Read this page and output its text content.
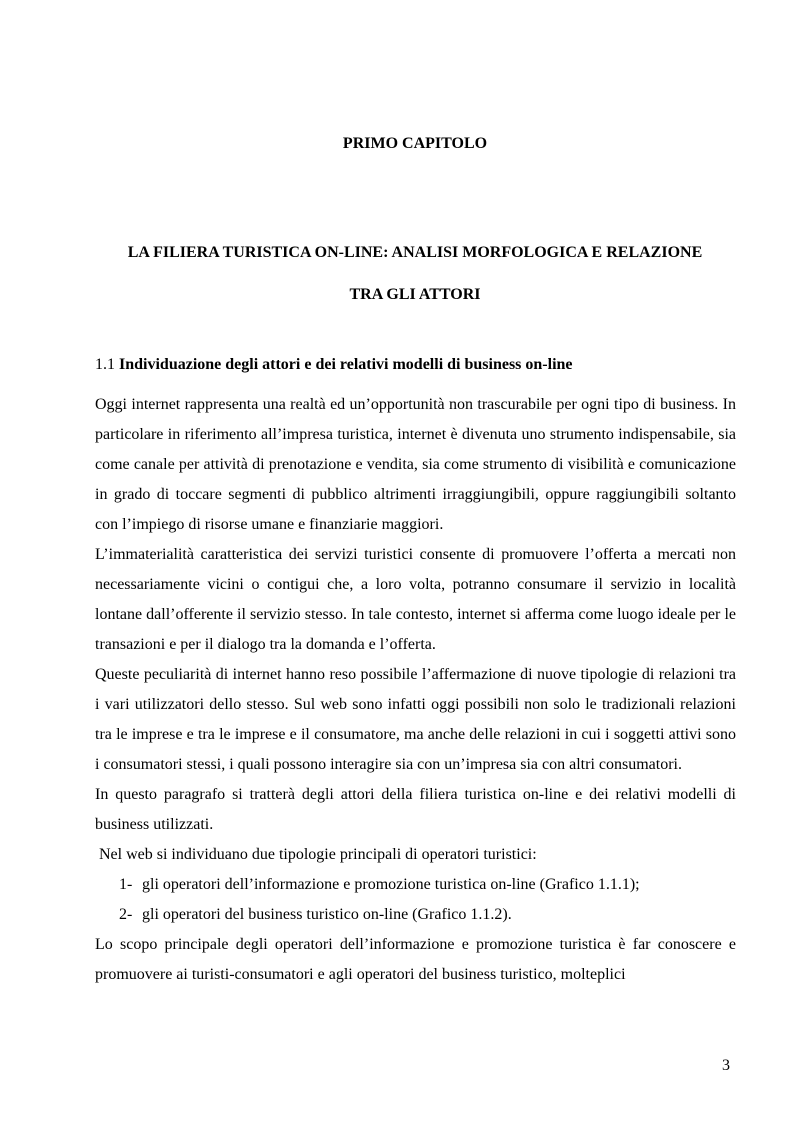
PRIMO CAPITOLO
LA FILIERA TURISTICA ON-LINE: ANALISI MORFOLOGICA E RELAZIONE
TRA GLI ATTORI
1.1 Individuazione degli attori e dei relativi modelli di business on-line

Oggi internet rappresenta una realtà ed un’opportunità non trascurabile per ogni tipo di business. In particolare in riferimento all’impresa turistica, internet è divenuta uno strumento indispensabile, sia come canale per attività di prenotazione e vendita, sia come strumento di visibilità e comunicazione in grado di toccare segmenti di pubblico altrimenti irraggiungibili, oppure raggiungibili soltanto con l’impiego di risorse umane e finanziarie maggiori.

L’immaterialità caratteristica dei servizi turistici consente di promuovere l’offerta a mercati non necessariamente vicini o contigui che, a loro volta, potranno consumare il servizio in località lontane dall’offerente il servizio stesso. In tale contesto, internet si afferma come luogo ideale per le transazioni e per il dialogo tra la domanda e l’offerta.

Queste peculiarità di internet hanno reso possibile l’affermazione di nuove tipologie di relazioni tra i vari utilizzatori dello stesso. Sul web sono infatti oggi possibili non solo le tradizionali relazioni tra le imprese e tra le imprese e il consumatore, ma anche delle relazioni in cui i soggetti attivi sono i consumatori stessi, i quali possono interagire sia con un’impresa sia con altri consumatori.

In questo paragrafo si tratterà degli attori della filiera turistica on-line e dei relativi modelli di business utilizzati.

Nel web si individuano due tipologie principali di operatori turistici:

1- gli operatori dell’informazione e promozione turistica on-line (Grafico 1.1.1);
2- gli operatori del business turistico on-line (Grafico 1.1.2).

Lo scopo principale degli operatori dell’informazione e promozione turistica è far conoscere e promuovere ai turisti-consumatori e agli operatori del business turistico, molteplici

3
